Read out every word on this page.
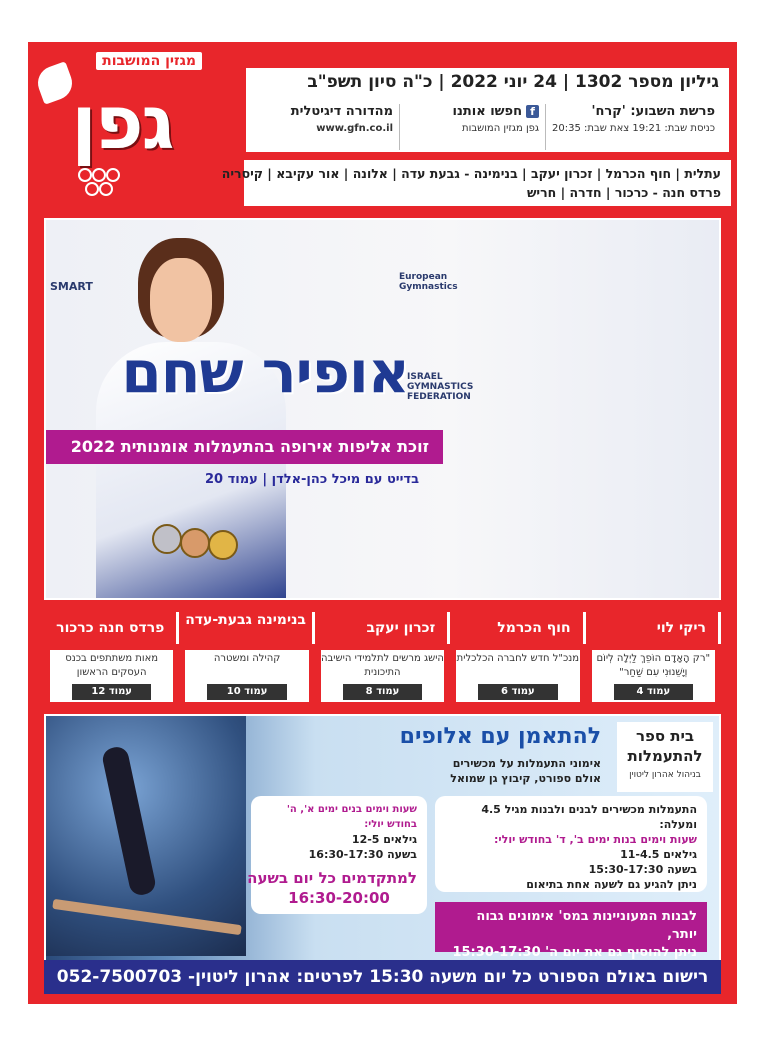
מגזין המושבות
גפן	גיליון מספר 1302 | 24 יוני 2022 | כ"ה סיון תשפ"ב
פרשת השבוע: 'קרח'
כניסת שבת: 19:21 צאת שבת: 20:35
fחפשו אותנו
גפן מגזין המושבות
מהדורה דיגיטלית
www.gfn.co.il
עתלית | חוף הכרמל | זכרון יעקב | בנימינה - גבעת עדה | אלונה | אור עקיבא | קיסריה
פרדס חנה - כרכור | חדרה | חריש
European Gymnastics
ISRAEL GYMNASTICS FEDERATION
SMART
אופיר שחם
זוכת אליפות אירופה בהתעמלות אומנותית 2022
בדייט עם מיכל כהן-אלדן | עמוד 20
ריקי לוי
"רק הָאָדָם הוֹפֵךְ לַיְלָה לְיוֹם וְיָשֵׁנוּנִי עִם שַׁחַר"
עמוד 4
חוף הכרמל
מנכ"ל חדש לחברה הכלכלית
עמוד 6
זכרון יעקב
הישג מרשים לתלמידי הישיבה התיכונית
עמוד 8
בנימינה גבעת-עדה
קהילה ומשטרה
עמוד 10
פרדס חנה כרכור
מאות משתתפים בכנס העסקים הראשון
עמוד 12
בית ספר להתעמלות
בניהול אהרון ליטוין
להתאמן עם אלופים
אימוני התעמלות על מכשירים
אולם ספורט, קיבוץ גן שמואל
התעמלות מכשירים לבנים ולבנות מגיל 4.5 ומעלה:
שעות וימים בנות ימים ב', ד' בחודש יולי:
גילאים 11-4.5
בשעה 15:30-17:30
ניתן להגיע גם לשעה אחת בתיאום
שעות וימים בנים ימים א', ה' בחודש יולי:
גילאים 12-5
בשעה 16:30-17:30
למתקדמים כל יום בשעה
16:30-20:00
לבנות המעוניינות במס' אימונים גבוה יותר,
ניתן להוסיף גם את יום ה' 15:30-17:30
רישום באולם הספורט כל יום משעה 15:30 לפרטים: אהרון ליטוין- 052-7500703
